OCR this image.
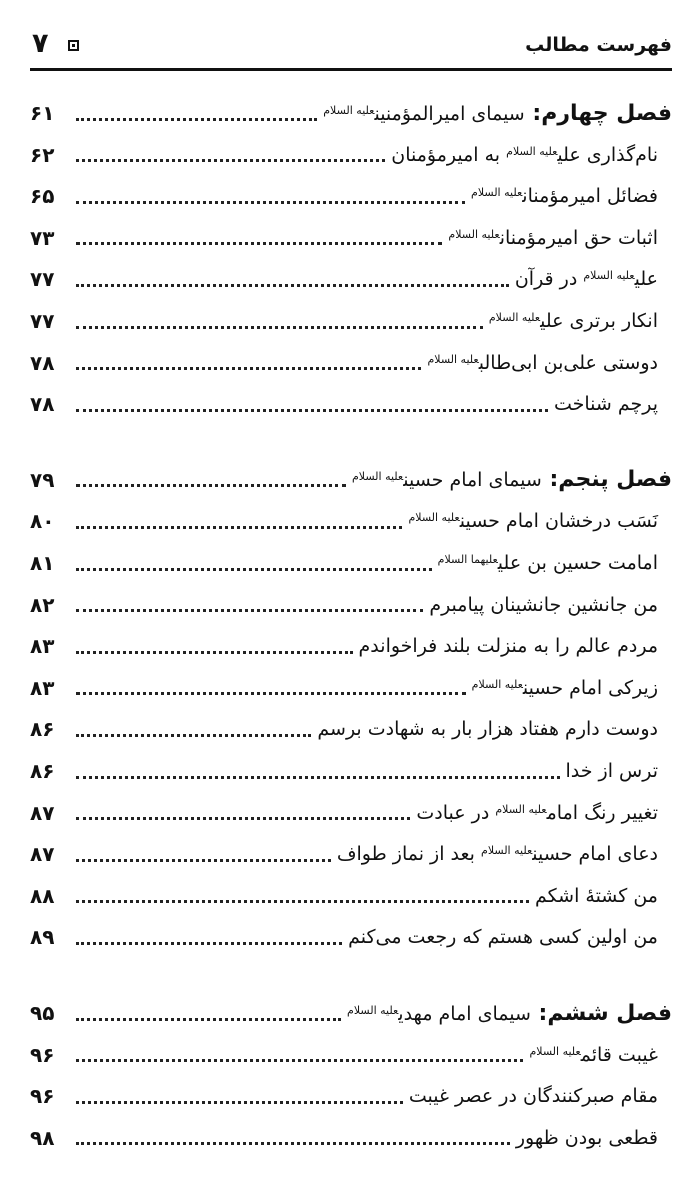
فهرست مطالب
۷
فصل چهارم: سیمای امیرالمؤمنین$^{علیه السلام}$
۶۱
نام‌گذاری علی$^{علیه السلام}$ به امیرمؤمنان
۶۲
فضائل امیرمؤمنان$^{علیه السلام}$
۶۵
اثبات حق امیرمؤمنان$^{علیه السلام}$
۷۳
علی$^{علیه السلام}$ در قرآن
۷۷
انکار برتری علی$^{علیه السلام}$
۷۷
دوستی علی‌بن ابی‌طالب$^{علیه السلام}$
۷۸
پرچم شناخت
۷۸
فصل پنجم: سیمای امام حسین$^{علیه السلام}$
۷۹
نَسَب درخشان امام حسین$^{علیه السلام}$
۸۰
امامت حسین بن علی$^{علیهما السلام}$
۸۱
من جانشین جانشینان پیامبرم
۸۲
مردم عالم را به منزلت بلند فراخواندم
۸۳
زیرکی امام حسین$^{علیه السلام}$
۸۳
دوست دارم هفتاد هزار بار به شهادت برسم
۸۶
ترس از خدا
۸۶
تغییر رنگ امام$^{علیه السلام}$ در عبادت
۸۷
دعای امام حسین$^{علیه السلام}$ بعد از نماز طواف
۸۷
من کشتهٔ اشکم
۸۸
من اولین کسی هستم که رجعت می‌کنم
۸۹
فصل ششم: سیمای امام مهدی$^{علیه السلام}$
۹۵
غیبت قائم$^{علیه السلام}$
۹۶
مقام صبرکنندگان در عصر غیبت
۹۶
قطعی بودن ظهور
۹۸
